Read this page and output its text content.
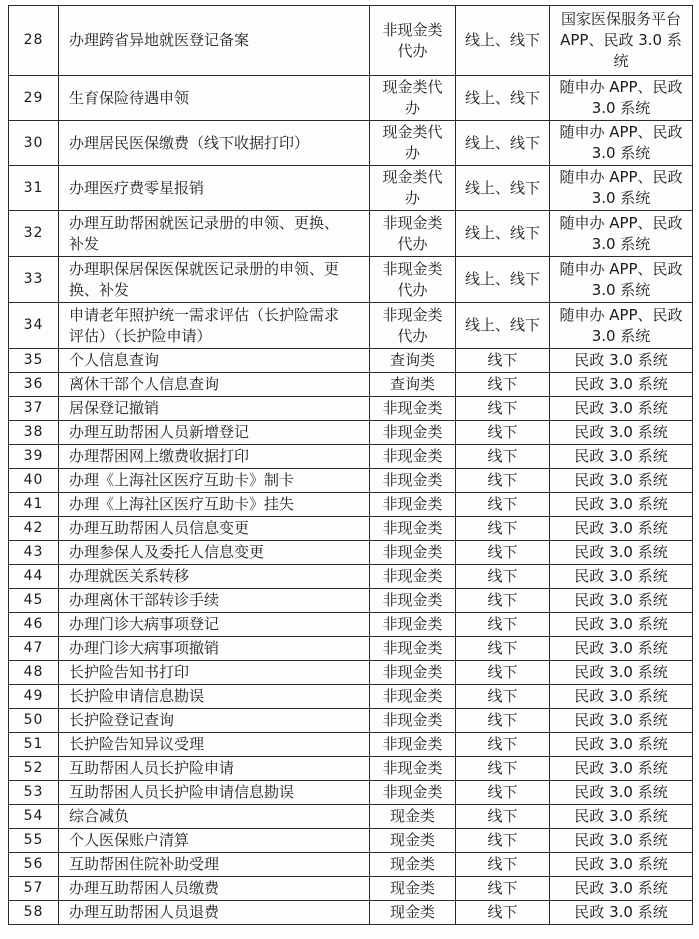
28	办理跨省异地就医登记备案	非现金类代办	线上、线下	国家医保服务平台 APP、民政 3.0 系统
29	生育保险待遇申领	现金类代办	线上、线下	随申办 APP、民政 3.0 系统
30	办理居民医保缴费（线下收据打印）	现金类代办	线上、线下	随申办 APP、民政 3.0 系统
31	办理医疗费零星报销	现金类代办	线上、线下	随申办 APP、民政 3.0 系统
32	办理互助帮困就医记录册的申领、更换、补发	非现金类代办	线上、线下	随申办 APP、民政 3.0 系统
33	办理职保居保医保就医记录册的申领、更换、补发	非现金类代办	线上、线下	随申办 APP、民政 3.0 系统
34	申请老年照护统一需求评估（长护险需求评估）（长护险申请）	非现金类代办	线上、线下	随申办 APP、民政 3.0 系统
35	个人信息查询	查询类	线下	民政 3.0 系统
36	离休干部个人信息查询	查询类	线下	民政 3.0 系统
37	居保登记撤销	非现金类	线下	民政 3.0 系统
38	办理互助帮困人员新增登记	非现金类	线下	民政 3.0 系统
39	办理帮困网上缴费收据打印	非现金类	线下	民政 3.0 系统
40	办理《上海社区医疗互助卡》制卡	非现金类	线下	民政 3.0 系统
41	办理《上海社区医疗互助卡》挂失	非现金类	线下	民政 3.0 系统
42	办理互助帮困人员信息变更	非现金类	线下	民政 3.0 系统
43	办理参保人及委托人信息变更	非现金类	线下	民政 3.0 系统
44	办理就医关系转移	非现金类	线下	民政 3.0 系统
45	办理离休干部转诊手续	非现金类	线下	民政 3.0 系统
46	办理门诊大病事项登记	非现金类	线下	民政 3.0 系统
47	办理门诊大病事项撤销	非现金类	线下	民政 3.0 系统
48	长护险告知书打印	非现金类	线下	民政 3.0 系统
49	长护险申请信息勘误	非现金类	线下	民政 3.0 系统
50	长护险登记查询	非现金类	线下	民政 3.0 系统
51	长护险告知异议受理	非现金类	线下	民政 3.0 系统
52	互助帮困人员长护险申请	非现金类	线下	民政 3.0 系统
53	互助帮困人员长护险申请信息勘误	非现金类	线下	民政 3.0 系统
54	综合减负	现金类	线下	民政 3.0 系统
55	个人医保账户清算	现金类	线下	民政 3.0 系统
56	互助帮困住院补助受理	现金类	线下	民政 3.0 系统
57	办理互助帮困人员缴费	现金类	线下	民政 3.0 系统
58	办理互助帮困人员退费	现金类	线下	民政 3.0 系统
